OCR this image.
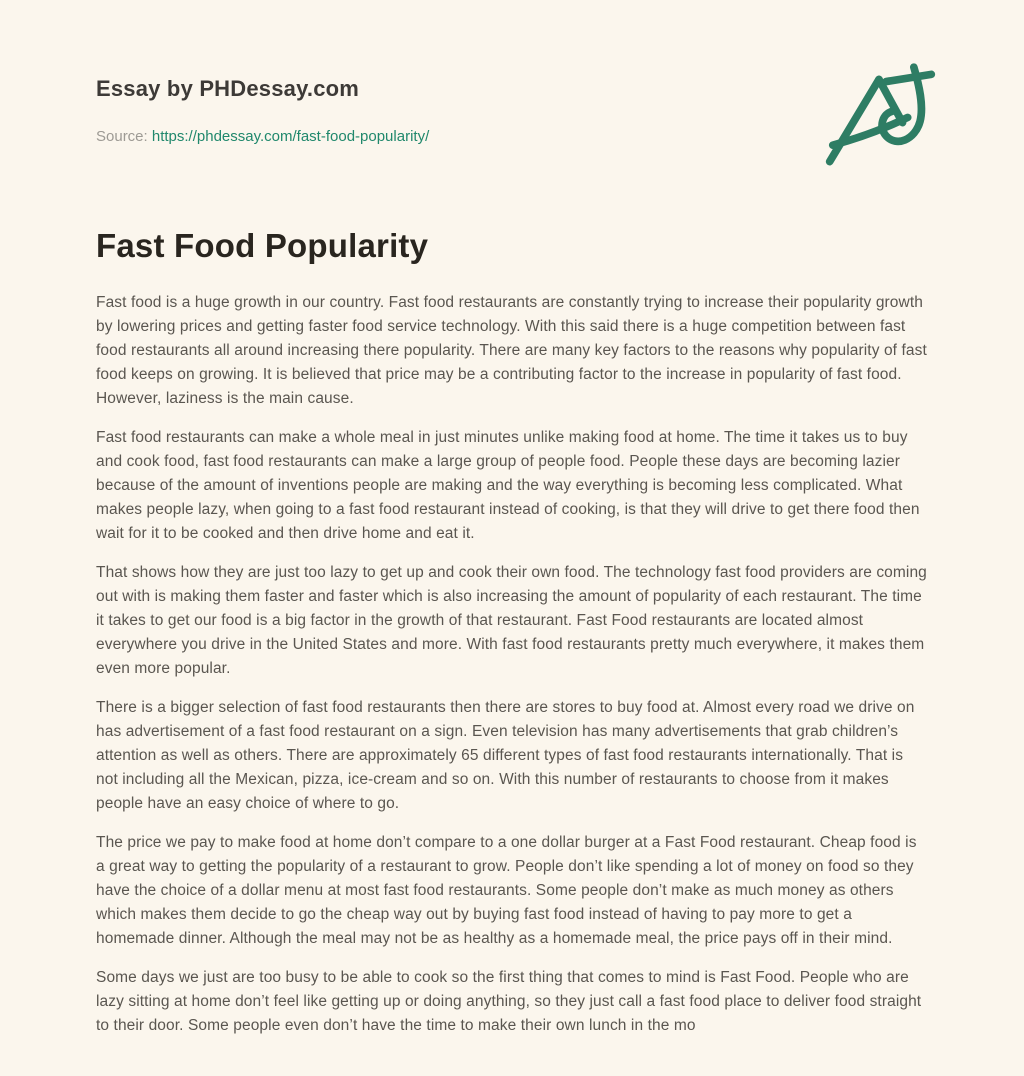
Essay by PHDessay.com
Source: https://phdessay.com/fast-food-popularity/
Fast Food Popularity

Fast food is a huge growth in our country. Fast food restaurants are constantly trying to increase their popularity growth by lowering prices and getting faster food service technology. With this said there is a huge competition between fast food restaurants all around increasing there popularity. There are many key factors to the reasons why popularity of fast food keeps on growing. It is believed that price may be a contributing factor to the increase in popularity of fast food. However, laziness is the main cause.

Fast food restaurants can make a whole meal in just minutes unlike making food at home. The time it takes us to buy and cook food, fast food restaurants can make a large group of people food. People these days are becoming lazier because of the amount of inventions people are making and the way everything is becoming less complicated. What makes people lazy, when going to a fast food restaurant instead of cooking, is that they will drive to get there food then wait for it to be cooked and then drive home and eat it.

That shows how they are just too lazy to get up and cook their own food. The technology fast food providers are coming out with is making them faster and faster which is also increasing the amount of popularity of each restaurant. The time it takes to get our food is a big factor in the growth of that restaurant. Fast Food restaurants are located almost everywhere you drive in the United States and more. With fast food restaurants pretty much everywhere, it makes them even more popular.

There is a bigger selection of fast food restaurants then there are stores to buy food at. Almost every road we drive on has advertisement of a fast food restaurant on a sign. Even television has many advertisements that grab children’s attention as well as others. There are approximately 65 different types of fast food restaurants internationally. That is not including all the Mexican, pizza, ice-cream and so on. With this number of restaurants to choose from it makes people have an easy choice of where to go.

The price we pay to make food at home don’t compare to a one dollar burger at a Fast Food restaurant. Cheap food is a great way to getting the popularity of a restaurant to grow. People don’t like spending a lot of money on food so they have the choice of a dollar menu at most fast food restaurants. Some people don’t make as much money as others which makes them decide to go the cheap way out by buying fast food instead of having to pay more to get a homemade dinner. Although the meal may not be as healthy as a homemade meal, the price pays off in their mind.

Some days we just are too busy to be able to cook so the first thing that comes to mind is Fast Food. People who are lazy sitting at home don’t feel like getting up or doing anything, so they just call a fast food place to deliver food straight to their door. Some people even don’t have the time to make their own lunch in the mo
